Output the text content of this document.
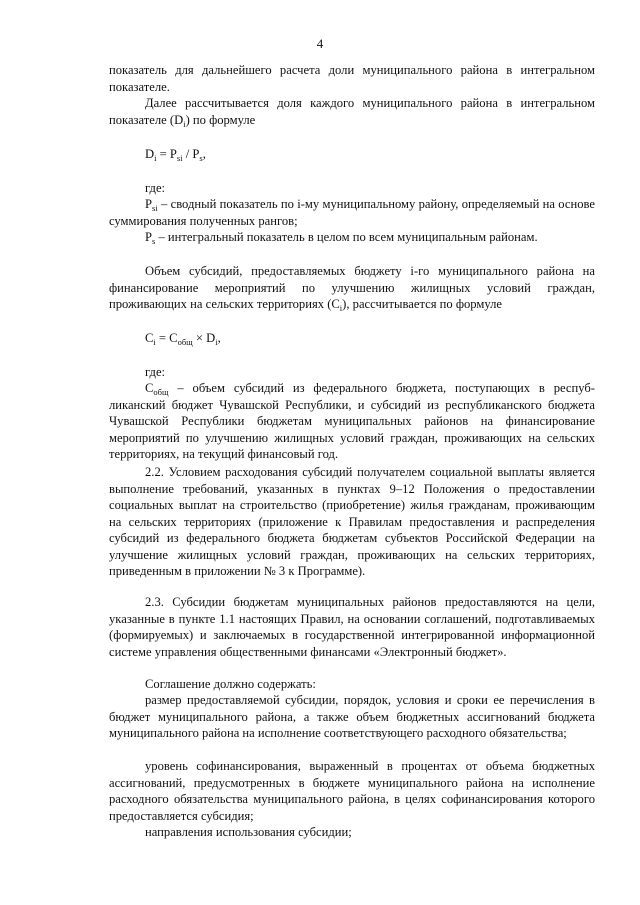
4
показатель для дальнейшего расчета доли муниципального района в интегральном показателе.
Далее рассчитывается доля каждого муниципального района в интегральном показателе $(D_i)$ по формуле
$D_i = P_{si} / P_s$,
где:
$P_{si}$ – сводный показатель по i-му муниципальному району, определяемый на основе суммирования полученных рангов;
$P_s$ – интегральный показатель в целом по всем муниципальным районам.
Объем субсидий, предоставляемых бюджету i-го муниципального района на финансирование мероприятий по улучшению жилищных условий граждан, проживающих на сельских территориях $(C_i)$, рассчитывается по формуле
$C_i = C_{общ} \times D_i$,
где:
$C_{общ}$ – объем субсидий из федерального бюджета, поступающих в республиканский бюджет Чувашской Республики, и субсидий из республиканского бюджета Чувашской Республики бюджетам муниципальных районов на финансирование мероприятий по улучшению жилищных условий граждан, проживающих на сельских территориях, на текущий финансовый год.
2.2. Условием расходования субсидий получателем социальной выплаты является выполнение требований, указанных в пунктах 9–12 Положения о предоставлении социальных выплат на строительство (приобретение) жилья гражданам, проживающим на сельских территориях (приложение к Правилам предоставления и распределения субсидий из федерального бюджета бюджетам субъектов Российской Федерации на улучшение жилищных условий граждан, проживающих на сельских территориях, приведенным в приложении № 3 к Программе).
2.3. Субсидии бюджетам муниципальных районов предоставляются на цели, указанные в пункте 1.1 настоящих Правил, на основании соглашений, подготавливаемых (формируемых) и заключаемых в государственной интегрированной информационной системе управления общественными финансами «Электронный бюджет».
Соглашение должно содержать:
размер предоставляемой субсидии, порядок, условия и сроки ее перечисления в бюджет муниципального района, а также объем бюджетных ассигнований бюджета муниципального района на исполнение соответствующего расходного обязательства;
уровень софинансирования, выраженный в процентах от объема бюджетных ассигнований, предусмотренных в бюджете муниципального района на исполнение расходного обязательства муниципального района, в целях софинансирования которого предоставляется субсидия;
направления использования субсидии;
